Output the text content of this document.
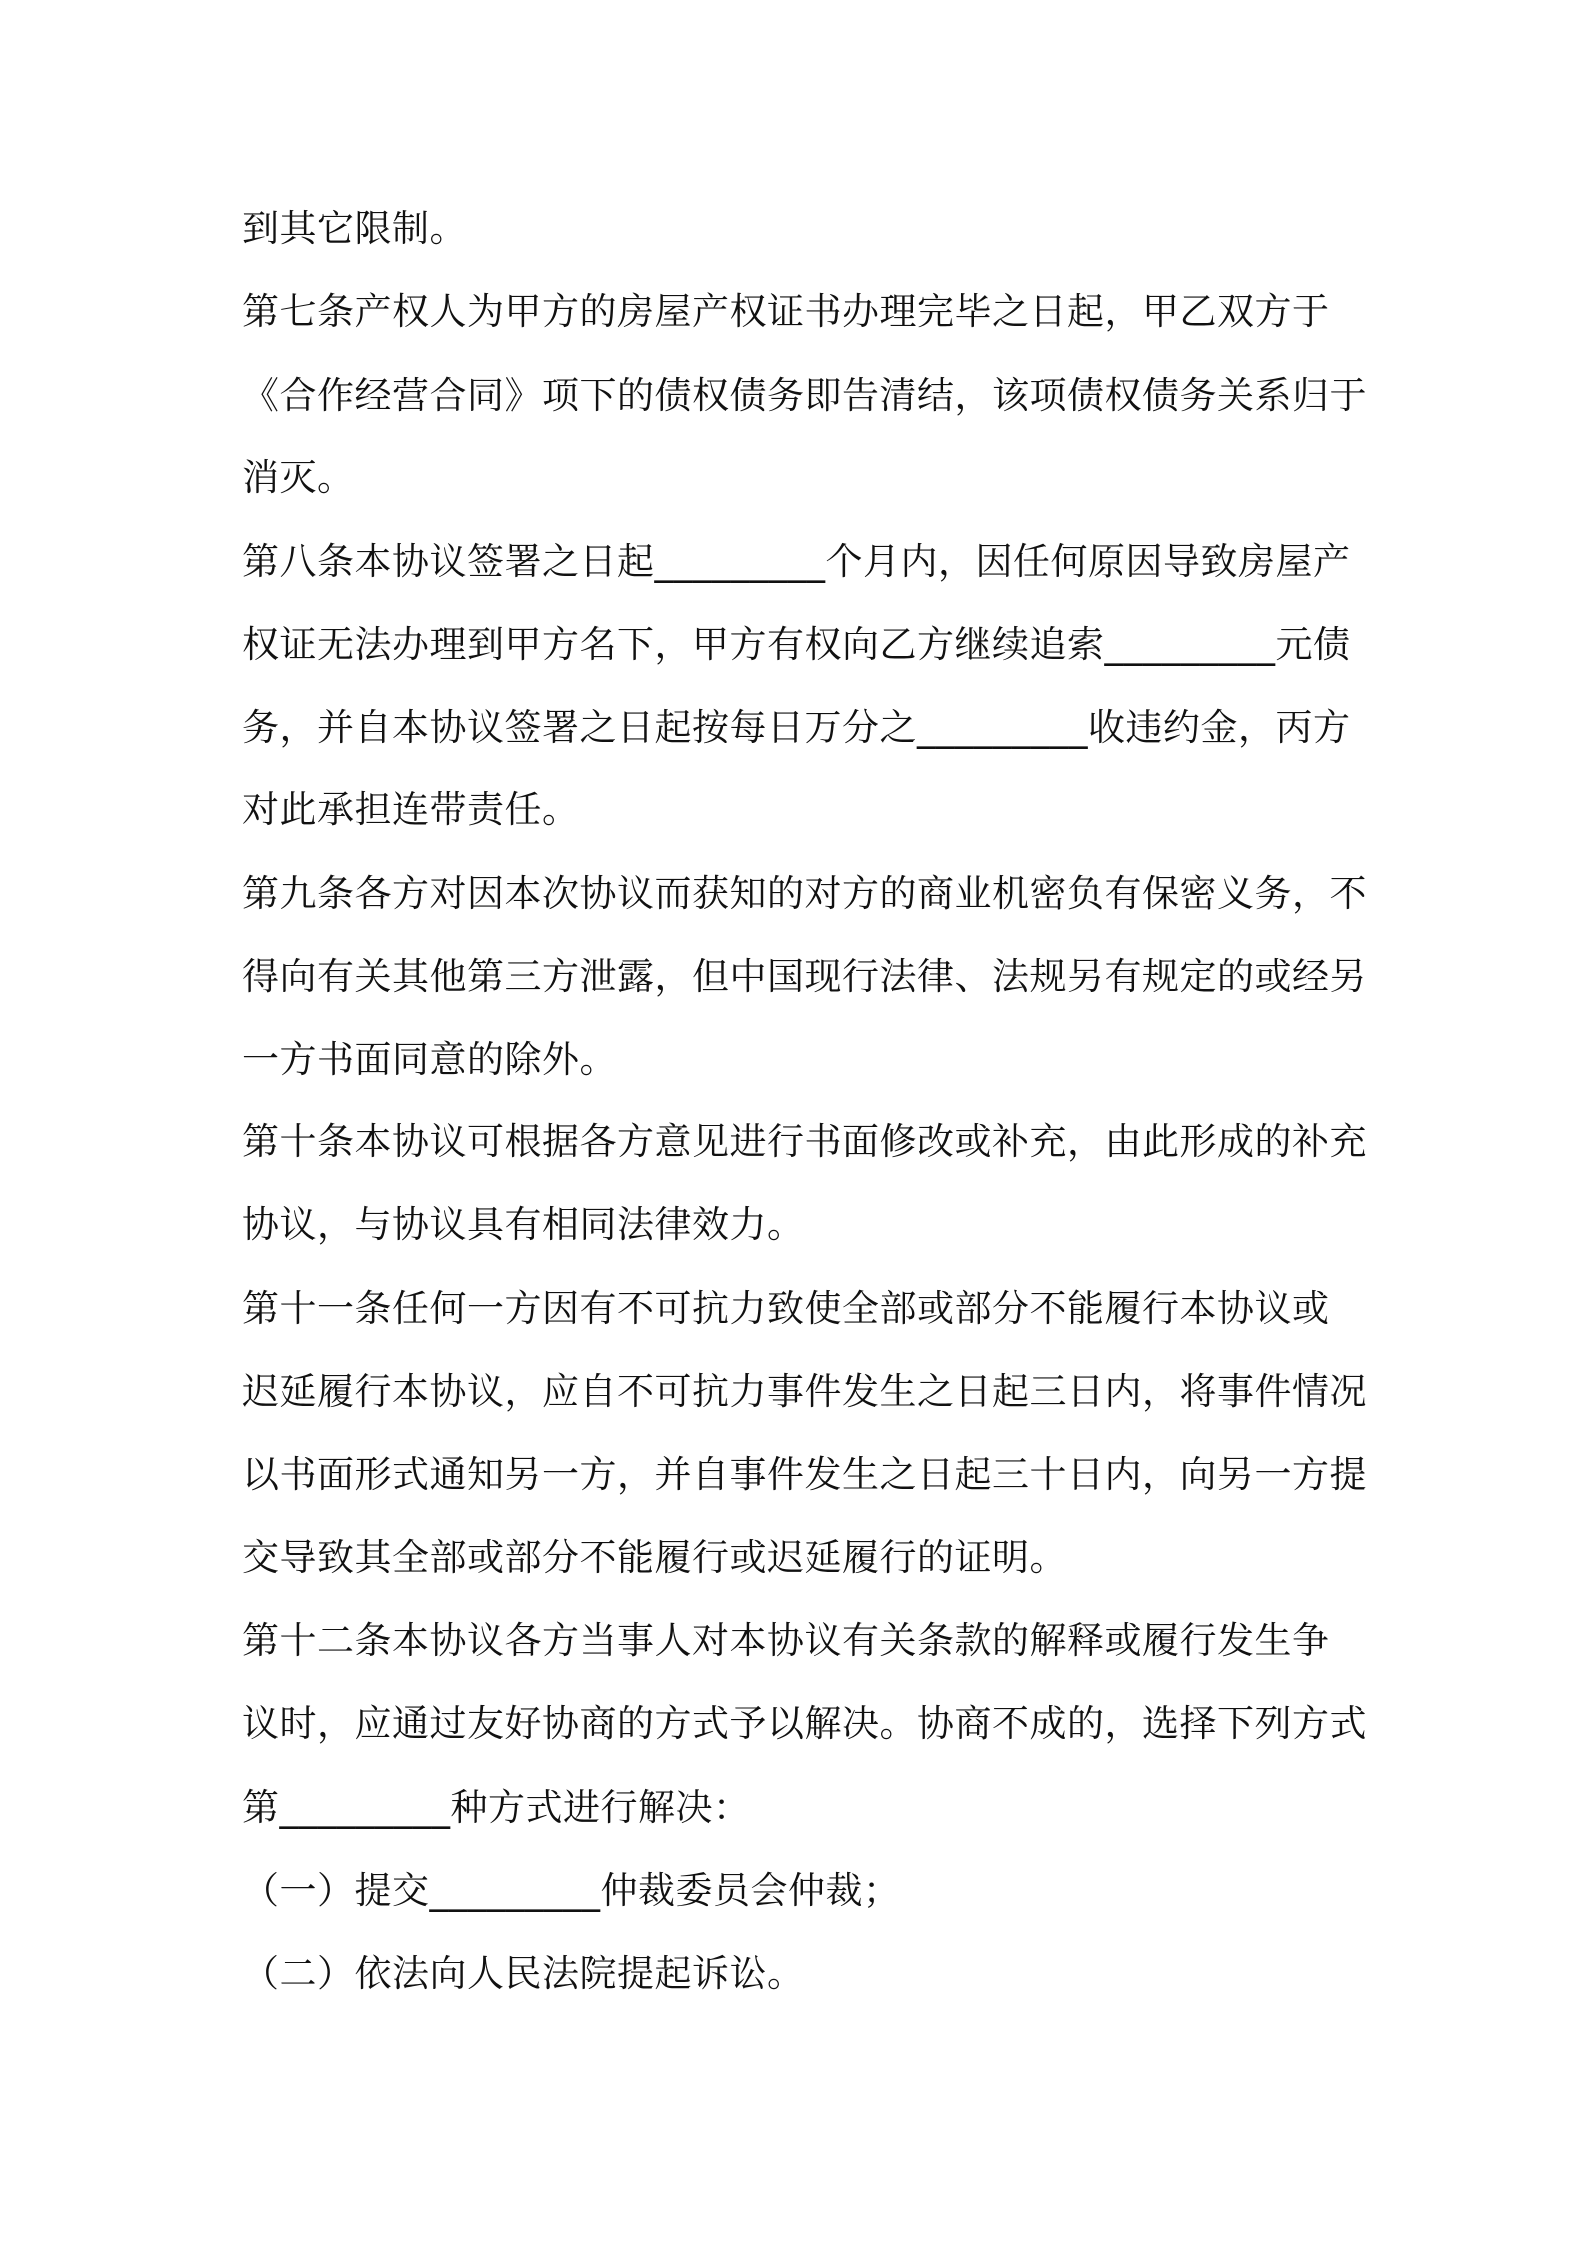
到其它限制。
第七条产权人为甲方的房屋产权证书办理完毕之日起，甲乙双方于
《合作经营合同》项下的债权债务即告清结，该项债权债务关系归于
消灭。
第八条本协议签署之日起_________个月内，因任何原因导致房屋产
权证无法办理到甲方名下，甲方有权向乙方继续追索_________元债
务，并自本协议签署之日起按每日万分之_________收违约金，丙方
对此承担连带责任。
第九条各方对因本次协议而获知的对方的商业机密负有保密义务，不
得向有关其他第三方泄露，但中国现行法律、法规另有规定的或经另
一方书面同意的除外。
第十条本协议可根据各方意见进行书面修改或补充，由此形成的补充
协议，与协议具有相同法律效力。
第十一条任何一方因有不可抗力致使全部或部分不能履行本协议或
迟延履行本协议，应自不可抗力事件发生之日起三日内，将事件情况
以书面形式通知另一方，并自事件发生之日起三十日内，向另一方提
交导致其全部或部分不能履行或迟延履行的证明。
第十二条本协议各方当事人对本协议有关条款的解释或履行发生争
议时，应通过友好协商的方式予以解决。协商不成的，选择下列方式
第_________种方式进行解决：
（一）提交_________仲裁委员会仲裁；
（二）依法向人民法院提起诉讼。
